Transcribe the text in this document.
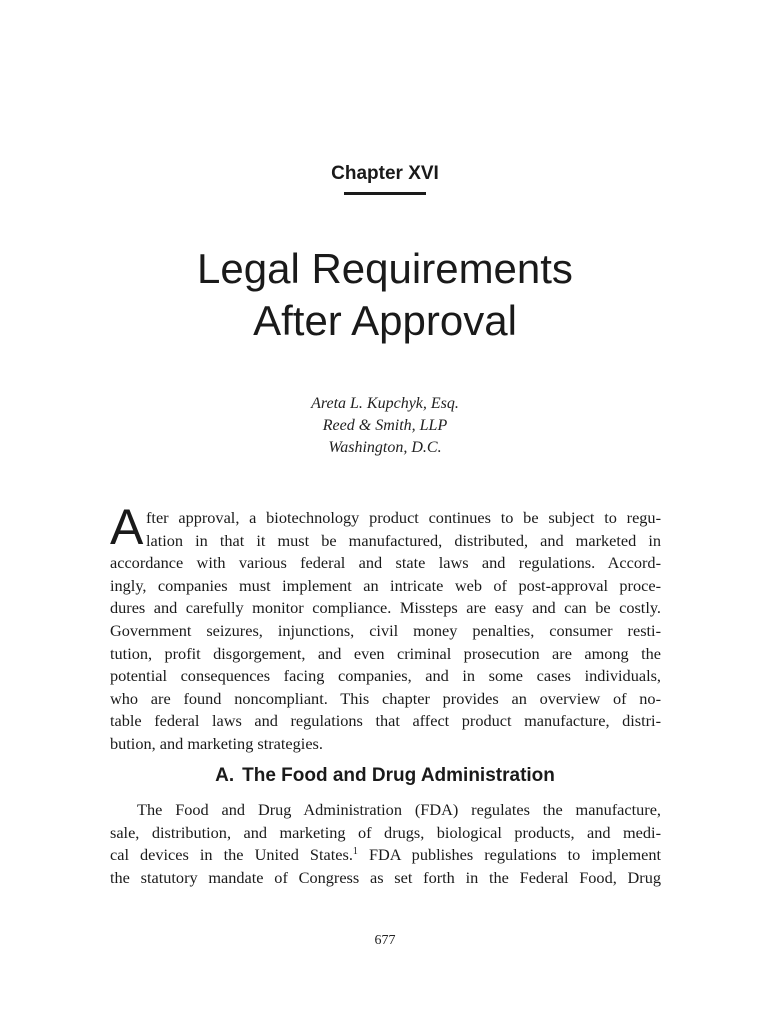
Chapter XVI
Legal Requirements
After Approval
Areta L. Kupchyk, Esq.
Reed & Smith, LLP
Washington, D.C.
A fter approval, a biotechnology product continues to be subject to regu-
lation in that it must be manufactured, distributed, and marketed in
accordance with various federal and state laws and regulations. Accord-
ingly, companies must implement an intricate web of post-approval proce-
dures and carefully monitor compliance. Missteps are easy and can be costly.
Government seizures, injunctions, civil money penalties, consumer resti-
tution, profit disgorgement, and even criminal prosecution are among the
potential consequences facing companies, and in some cases individuals,
who are found noncompliant. This chapter provides an overview of no-
table federal laws and regulations that affect product manufacture, distri-
bution, and marketing strategies.
A. The Food and Drug Administration
The Food and Drug Administration (FDA) regulates the manufacture,
sale, distribution, and marketing of drugs, biological products, and medi-
cal devices in the United States.$^1$ FDA publishes regulations to implement
the statutory mandate of Congress as set forth in the Federal Food, Drug
677
